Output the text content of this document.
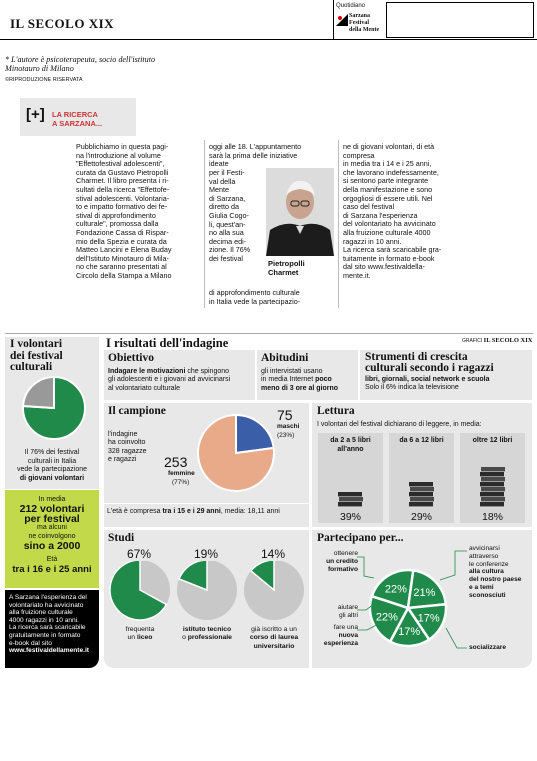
IL SECOLO XIX
Quotidiano
Sarzana
Festival
della Mente
* L'autore è psicoterapeuta, socio dell'istituto Minotauro di Milano
©RIPRODUZIONE RISERVATA
[+] LA RICERCA
A SARZANA...
Pubblichiamo in questa pagi-
na l'introduzione al volume
"Effettofestival adolescenti",
curata da Gustavo Pietropolli
Charmet. Il libro presenta i ri-
sultati della ricerca "Effettofe-
stival adolescenti. Volontaria-
to e impatto formativo dei fe-
stival di approfondimento
culturale", promossa dalla
Fondazione Cassa di Rispar-
mio della Spezia e curata da
Matteo Lancini e Elena Buday
dell'Istituto Minotauro di Mila-
no che saranno presentati al
Circolo della Stampa a Milano
oggi alle 18. L'appuntamento
sarà la prima delle iniziative
ideate
per il Festi-
val della
Mente
di Sarzana,
diretto da
Giulia Cogo-
li, quest'an-
no alla sua
decima edi-
zione. Il 76%
dei festival
di approfondimento culturale
in Italia vede la partecipazio-
Pietropolli
Charmet
ne di giovani volontari, di età
compresa
in media tra i 14 e i 25 anni,
che lavorano indefessamente,
si sentono parte integrante
della manifestazione e sono
orgogliosi di essere utili. Nel
caso del festival
di Sarzana l'esperienza
del volontariato ha avvicinato
alla fruizione culturale 4000
ragazzi in 10 anni.
La ricerca sarà scaricabile gra-
tuitamente in formato e-book
dal sito www.festivaldella-
mente.it.
GRAFICI IL SECOLO XIX
I volontari
dei festival
culturali
Il 76% dei festival
culturali in Italia
vede la partecipazione
di giovani volontari
In media
212 volontari
per festival
ma alcuni
ne coinvolgono
sino a 2000
Età
tra i 16 e i 25 anni
A Sarzana l'esperienza del
volontariato ha avvicinato
alla fruizione culturale
4000 ragazzi in 10 anni.
La ricerca sarà scaricabile
gratuitamente in formato
e-book dal sito
www.festivaldellamente.it
I risultati dell'indagine
Obiettivo
Indagare le motivazioni che spingono
gli adolescenti e i giovani ad avvicinarsi
al volontariato culturale
Abitudini
gli intervistati usano
in media Internet poco
meno di 3 ore al giorno
Strumenti di crescita
culturali secondo i ragazzi
libri, giornali, social network e scuola
Solo il 6% indica la televisione
Il campione
l'indagine
ha coinvolto
328 ragazze
e ragazzi	253
femmine
(77%)
75
maschi
(23%)
L'età è compresa tra i 15 e i 29 anni, media: 18,11 anni
Lettura
I volontari del festival dichiarano di leggere, in media:
da 2 a 5 libri
all'anno
39%
da 6 a 12 libri
29%
oltre 12 libri
18%
Studi
67%
frequenta
un liceo
19%
istituto tecnico
o professionale
14%
già iscritto a un
corso di laurea
universitario
Partecipano per...
22% 21%
17%
17%
22%
ottenere
un credito
formativo
aiutare
gli altri
fare una
nuova
esperienza
avvicinarsi
attraverso
le conferenze
alla cultura
del nostro paese
e a temi
sconosciuti
socializzare
